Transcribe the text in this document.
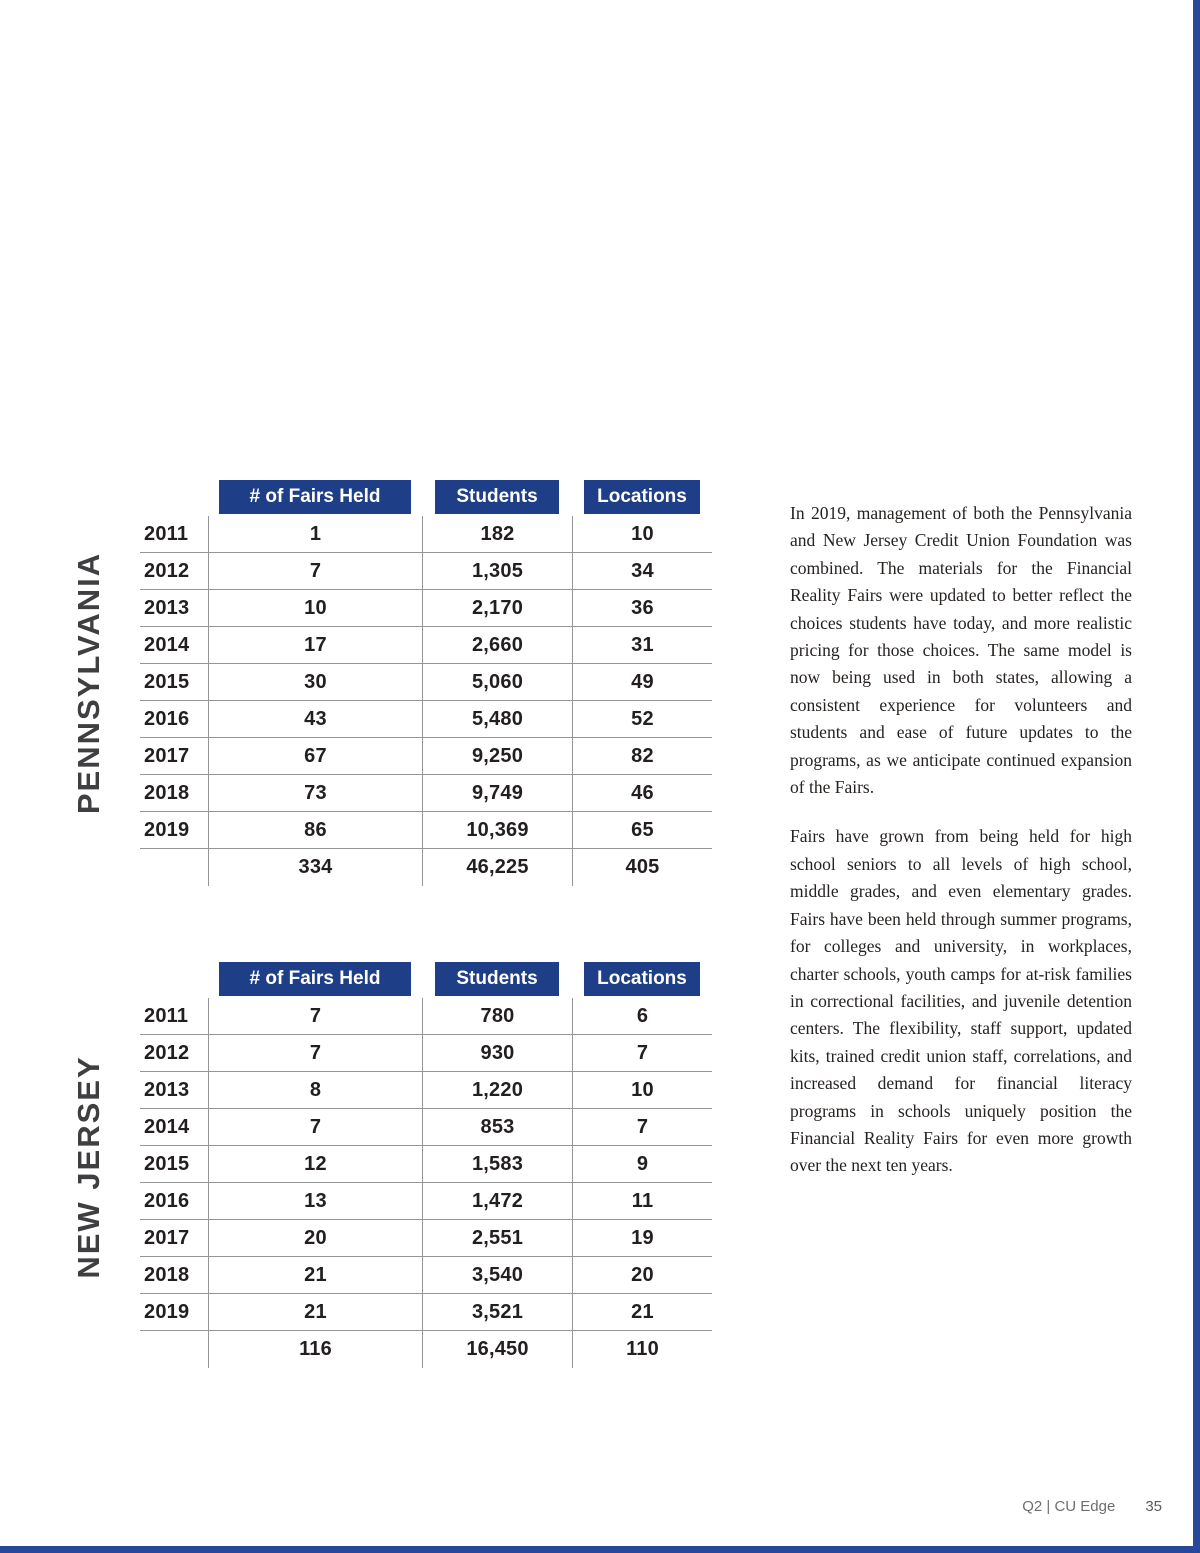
PENNSYLVANIA
NEW JERSEY
# of Fairs Held	Students	Locations
2011	1	182	10
2012	7	1,305	34
2013	10	2,170	36
2014	17	2,660	31
2015	30	5,060	49
2016	43	5,480	52
2017	67	9,250	82
2018	73	9,749	46
2019	86	10,369	65
334	46,225	405
# of Fairs Held	Students	Locations
2011	7	780	6
2012	7	930	7
2013	8	1,220	10
2014	7	853	7
2015	12	1,583	9
2016	13	1,472	11
2017	20	2,551	19
2018	21	3,540	20
2019	21	3,521	21
116	16,450	110

In 2019, management of both the Pennsylvania and New Jersey Credit Union Foundation was combined. The materials for the Financial Reality Fairs were updated to better reflect the choices students have today, and more realistic pricing for those choices. The same model is now being used in both states, allowing a consistent experience for volunteers and students and ease of future updates to the programs, as we anticipate continued expansion of the Fairs.

Fairs have grown from being held for high school seniors to all levels of high school, middle grades, and even elementary grades. Fairs have been held through summer programs, for colleges and university, in workplaces, charter schools, youth camps for at-risk families in correctional facilities, and juvenile detention centers. The flexibility, staff support, updated kits, trained credit union staff, correlations, and increased demand for financial literacy programs in schools uniquely position the Financial Reality Fairs for even more growth over the next ten years.

Q2 | CU Edge 35
